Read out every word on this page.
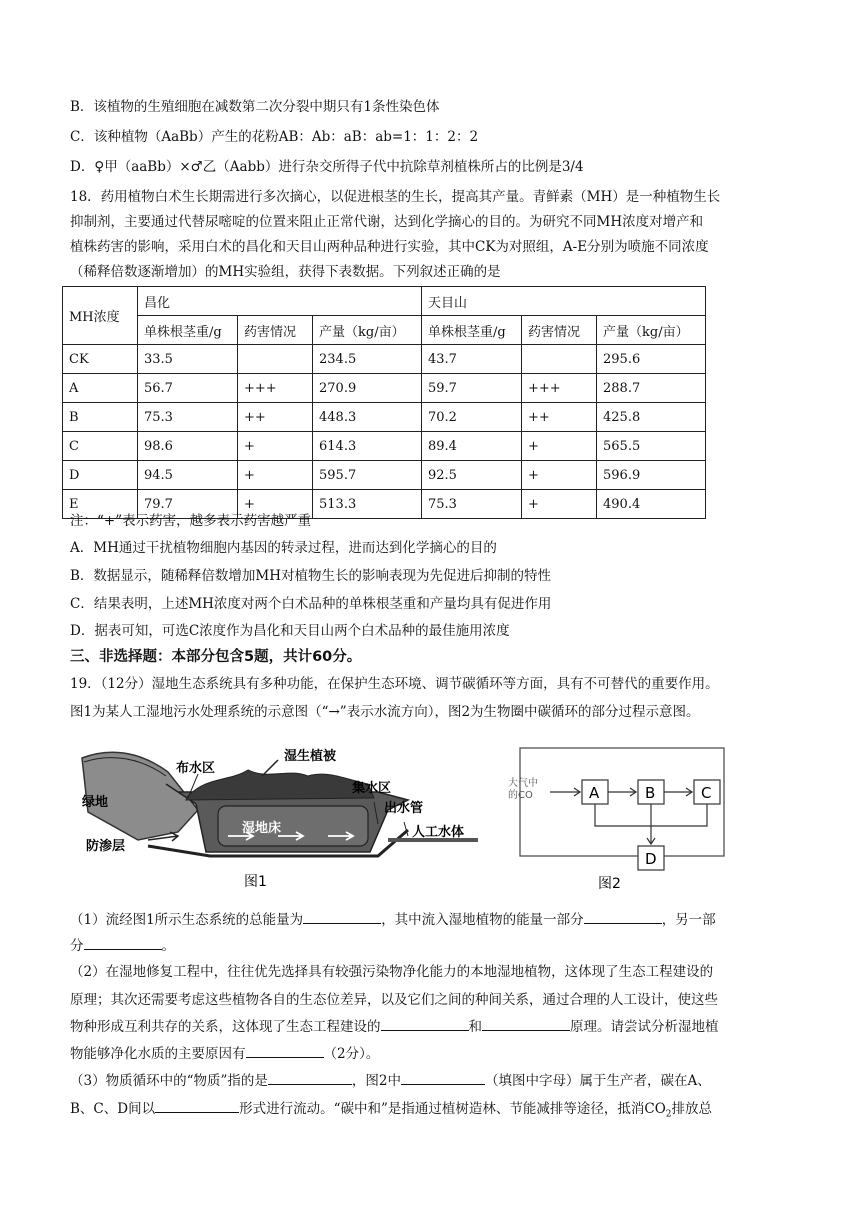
B．该植物的生殖细胞在减数第二次分裂中期只有1条性染色体
C．该种植物（AaBb）产生的花粉AB：Ab：aB：ab=1：1：2：2
D．♀甲（aaBb）×♂乙（Aabb）进行杂交所得子代中抗除草剂植株所占的比例是3/4
18．药用植物白术生长期需进行多次摘心，以促进根茎的生长，提高其产量。青鲜素（MH）是一种植物生长
抑制剂，主要通过代替尿嘧啶的位置来阻止正常代谢，达到化学摘心的目的。为研究不同MH浓度对增产和
植株药害的影响，采用白术的昌化和天目山两种品种进行实验，其中CK为对照组，A-E分别为喷施不同浓度
（稀释倍数逐渐增加）的MH实验组，获得下表数据。下列叙述正确的是
MH浓度	昌化			天目山		
	单株根茎重/g	药害情况	产量（kg/亩）	单株根茎重/g	药害情况	产量（kg/亩）
CK	33.5		234.5	43.7		295.6
A	56.7	+++	270.9	59.7	+++	288.7
B	75.3	++	448.3	70.2	++	425.8
C	98.6	+	614.3	89.4	+	565.5
D	94.5	+	595.7	92.5	+	596.9
E	79.7	+	513.3	75.3	+	490.4
注：“+”表示药害，越多表示药害越严重
A．MH通过干扰植物细胞内基因的转录过程，进而达到化学摘心的目的
B．数据显示，随稀释倍数增加MH对植物生长的影响表现为先促进后抑制的特性
C．结果表明，上述MH浓度对两个白术品种的单株根茎重和产量均具有促进作用
D．据表可知，可选C浓度作为昌化和天目山两个白术品种的最佳施用浓度
三、非选择题：本部分包含5题，共计60分。
19．（12分）湿地生态系统具有多种功能，在保护生态环境、调节碳循环等方面，具有不可替代的重要作用。
图1为某人工湿地污水处理系统的示意图（“→”表示水流方向），图2为生物圈中碳循环的部分过程示意图。
布水区
湿生植被
集水区
出水管
绿地
湿地床	人工水体
防渗层
图1
大气中
的CO	A	B	C
D
图2
（1）流经图1所示生态系统的总能量为	，其中流入湿地植物的能量一部分	，另一部
分	。
（2）在湿地修复工程中，往往优先选择具有较强污染物净化能力的本地湿地植物，这体现了生态工程建设的
原理；其次还需要考虑这些植物各自的生态位差异，以及它们之间的种间关系，通过合理的人工设计，使这些
物种形成互利共存的关系，这体现了生态工程建设的	和	原理。请尝试分析湿地植
物能够净化水质的主要原因有	（2分）。
（3）物质循环中的“物质”指的是	，图2中	（填图中字母）属于生产者，碳在A、
B、C、D间以	形式进行流动。“碳中和”是指通过植树造林、节能减排等途径，抵消$CO_2$排放总
